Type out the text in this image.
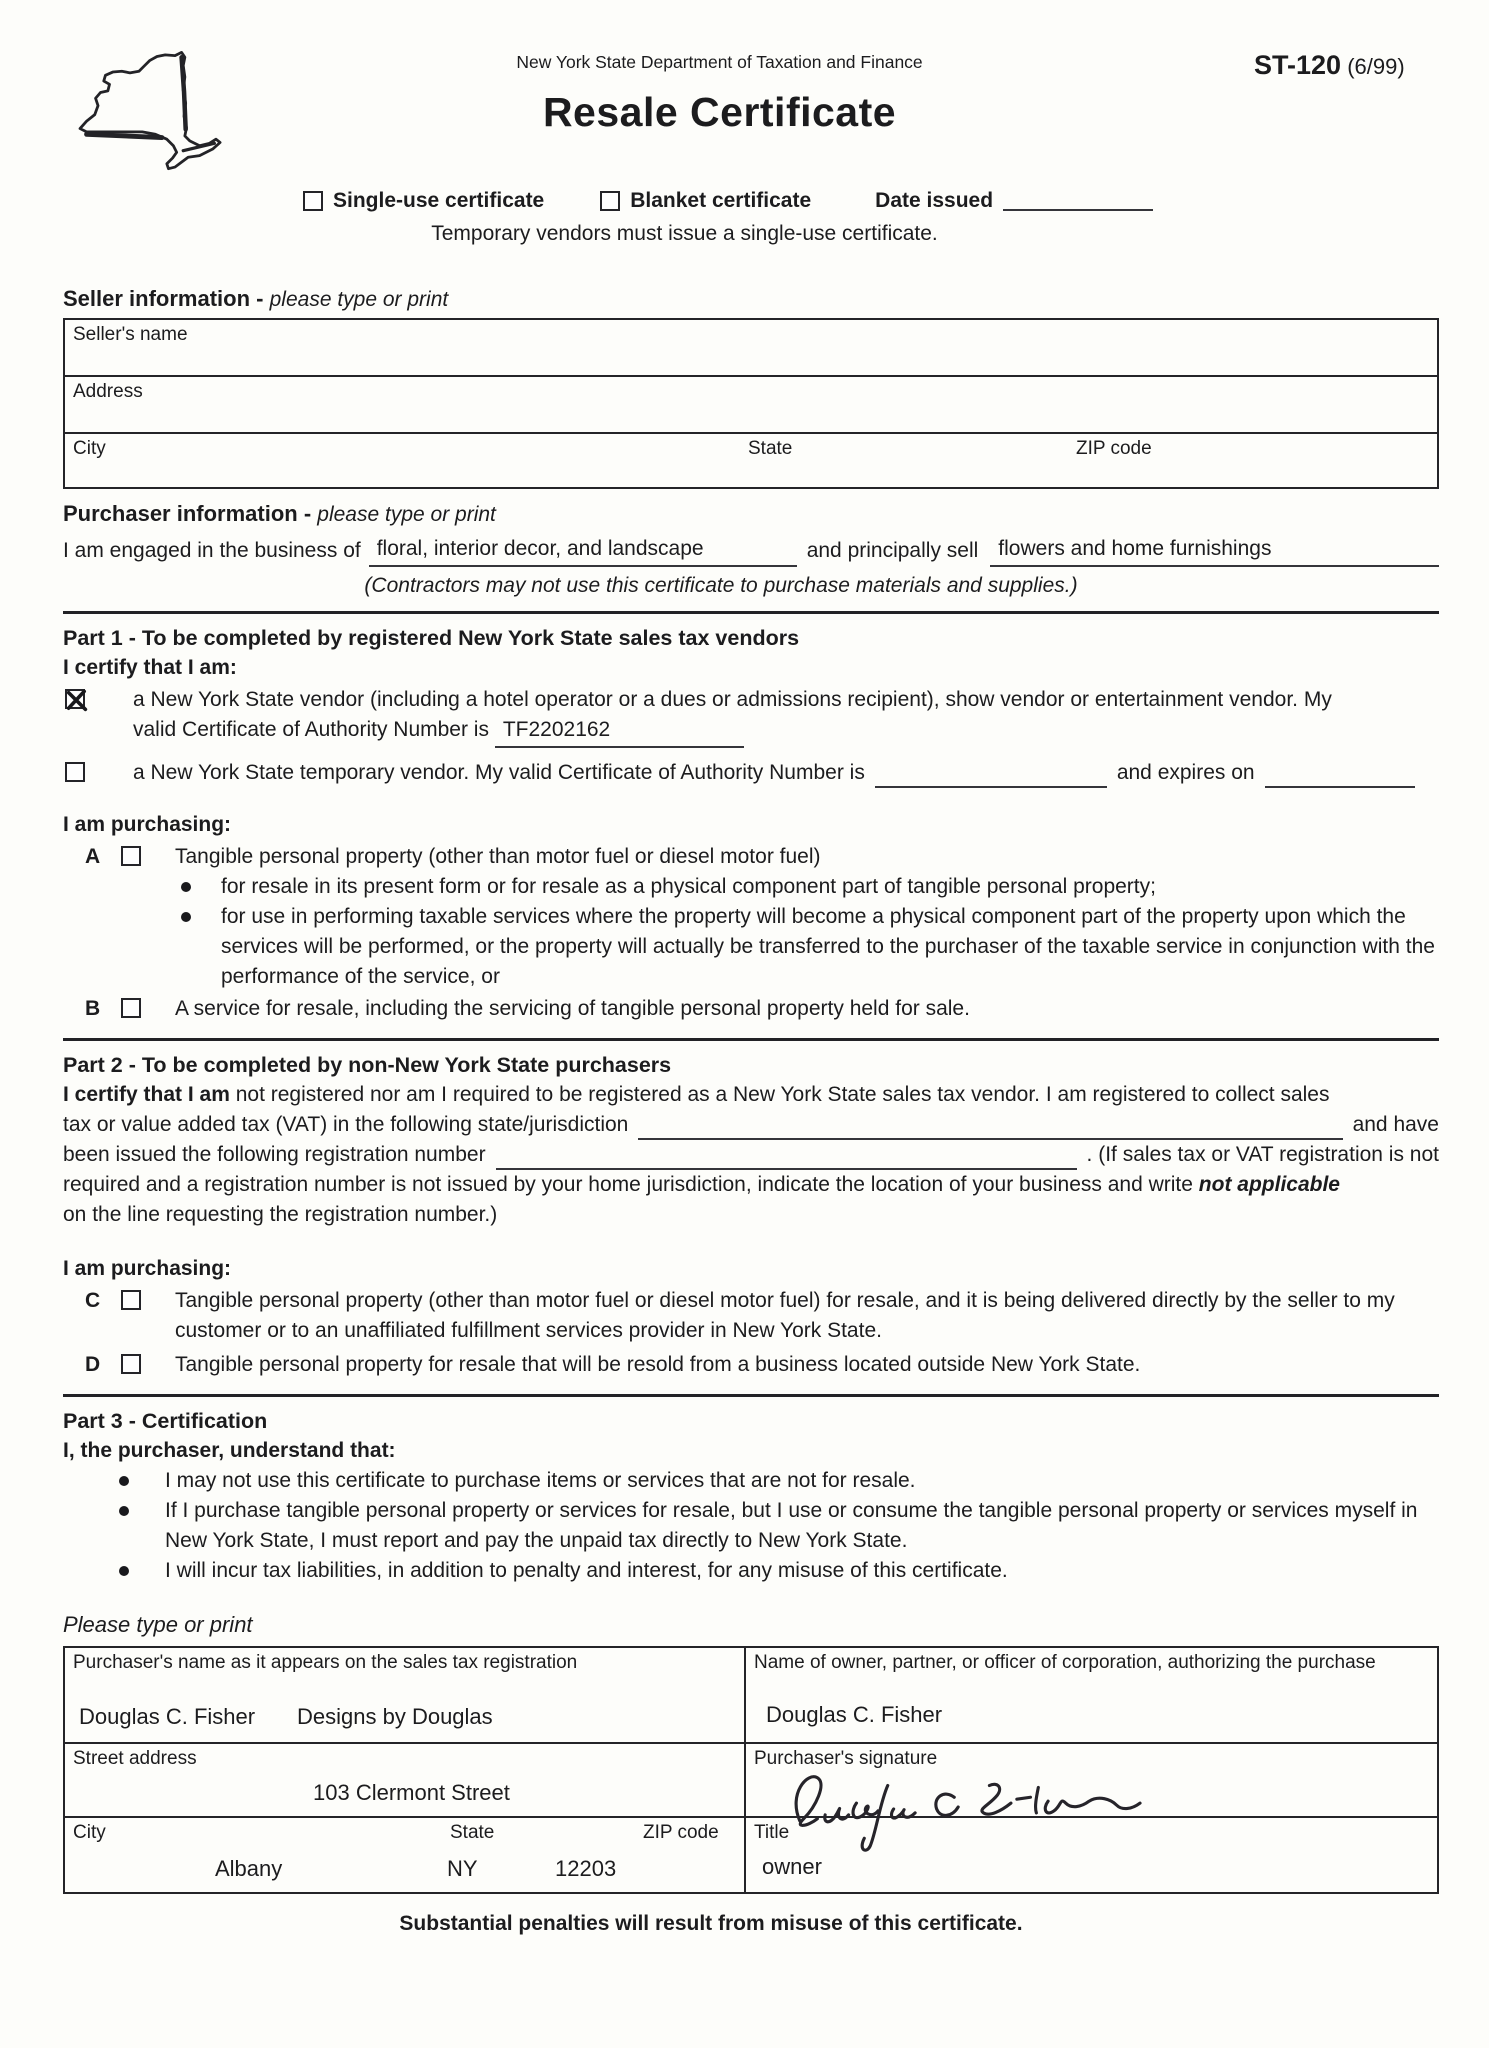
New York State Department of Taxation and Finance
Resale Certificate
ST-120 (6/99)
Single-use certificate	Blanket certificate	Date issued
Temporary vendors must issue a single-use certificate.
Seller information - please type or print
Seller's name
Address
City	State	ZIP code
Purchaser information - please type or print
I am engaged in the business of floral, interior decor, and landscape	and principally sell flowers and home furnishings
(Contractors may not use this certificate to purchase materials and supplies.)
Part 1 - To be completed by registered New York State sales tax vendors
I certify that I am:
a New York State vendor (including a hotel operator or a dues or admissions recipient), show vendor or entertainment vendor. My
valid Certificate of Authority Number is TF2202162
a New York State temporary vendor. My valid Certificate of Authority Number is	and expires on
I am purchasing:
A	Tangible personal property (other than motor fuel or diesel motor fuel)
for resale in its present form or for resale as a physical component part of tangible personal property;
for use in performing taxable services where the property will become a physical component part of the property upon which the services will be performed, or the property will actually be transferred to the purchaser of the taxable service in conjunction with the performance of the service, or
B	A service for resale, including the servicing of tangible personal property held for sale.
Part 2 - To be completed by non-New York State purchasers
I certify that I am not registered nor am I required to be registered as a New York State sales tax vendor. I am registered to collect sales
tax or value added tax (VAT) in the following state/jurisdiction	and have
been issued the following registration number	. (If sales tax or VAT registration is not
required and a registration number is not issued by your home jurisdiction, indicate the location of your business and write not applicable
on the line requesting the registration number.)
I am purchasing:
C	Tangible personal property (other than motor fuel or diesel motor fuel) for resale, and it is being delivered directly by the seller to my customer or to an unaffiliated fulfillment services provider in New York State.
D	Tangible personal property for resale that will be resold from a business located outside New York State.
Part 3 - Certification
I, the purchaser, understand that:
I may not use this certificate to purchase items or services that are not for resale.
If I purchase tangible personal property or services for resale, but I use or consume the tangible personal property or services myself in New York State, I must report and pay the unpaid tax directly to New York State.
I will incur tax liabilities, in addition to penalty and interest, for any misuse of this certificate.
Please type or print
Purchaser's name as it appears on the sales tax registration
Douglas C. Fisher Designs by Douglas
Street address
103 Clermont Street
City	State	ZIP code
Albany	NY	12203
Name of owner, partner, or officer of corporation, authorizing the purchase
Douglas C. Fisher
Purchaser's signature
Title
owner
Substantial penalties will result from misuse of this certificate.
